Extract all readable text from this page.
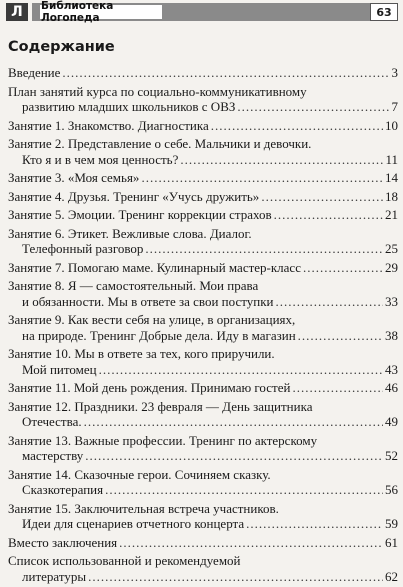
Л	Библиотека Логопеда	63
Содержание
Введение .....	3
План занятий курса по социально-коммуникативному
развитию младших школьников с ОВЗ .....	7
Занятие 1. Знакомство. Диагностика .....	10
Занятие 2. Представление о себе. Мальчики и девочки.
Кто я и в чем моя ценность? .....	11
Занятие 3. «Моя семья» .....	14
Занятие 4. Друзья. Тренинг «Учусь дружить» .....	18
Занятие 5. Эмоции. Тренинг коррекции страхов .....	21
Занятие 6. Этикет. Вежливые слова. Диалог.
Телефонный разговор .....	25
Занятие 7. Помогаю маме. Кулинарный мастер-класс .....	29
Занятие 8. Я — самостоятельный. Мои права
и обязанности. Мы в ответе за свои поступки .....	33
Занятие 9. Как вести себя на улице, в организациях,
на природе. Тренинг Добрые дела. Иду в магазин .....	38
Занятие 10. Мы в ответе за тех, кого приручили.
Мой питомец .....	43
Занятие 11. Мой день рождения. Принимаю гостей .....	46
Занятие 12. Праздники. 23 февраля — День защитника
Отечества. .....	49
Занятие 13. Важные профессии. Тренинг по актерскому
мастерству .....	52
Занятие 14. Сказочные герои. Сочиняем сказку.
Сказкотерапия .....	56
Занятие 15. Заключительная встреча участников.
Идеи для сценариев отчетного концерта .....	59
Вместо заключения .....	61
Список использованной и рекомендуемой
литературы .....	62
